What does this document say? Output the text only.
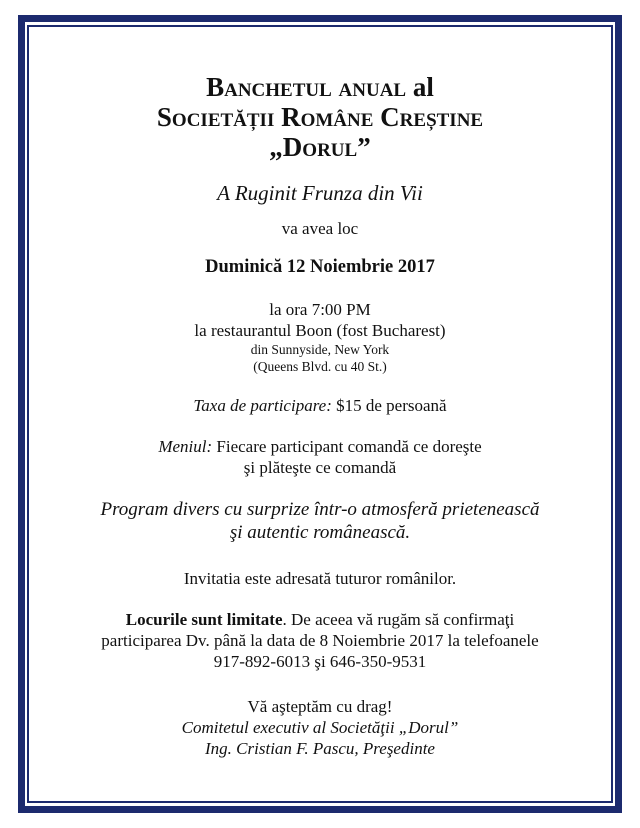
Banchetul anual al
Societății Române Creștine
„Dorul”
A Ruginit Frunza din Vii

va avea loc

Duminică 12 Noiembrie 2017

la ora 7:00 PM

la restaurantul Boon (fost Bucharest)

din Sunnyside, New York

(Queens Blvd. cu 40 St.)

Taxa de participare: $15 de persoană

Meniul: Fiecare participant comandă ce doreşte

şi plăteşte ce comandă

Program divers cu surprize într-o atmosferă prietenească

şi autentic românească.

Invitatia este adresată tuturor românilor.

Locurile sunt limitate. De aceea vă rugăm să confirmaţi

participarea Dv. până la data de 8 Noiembrie 2017 la telefoanele

917-892-6013 şi 646-350-9531

Vă aşteptăm cu drag!

Comitetul executiv al Societăţii „Dorul”

Ing. Cristian F. Pascu, Preşedinte
